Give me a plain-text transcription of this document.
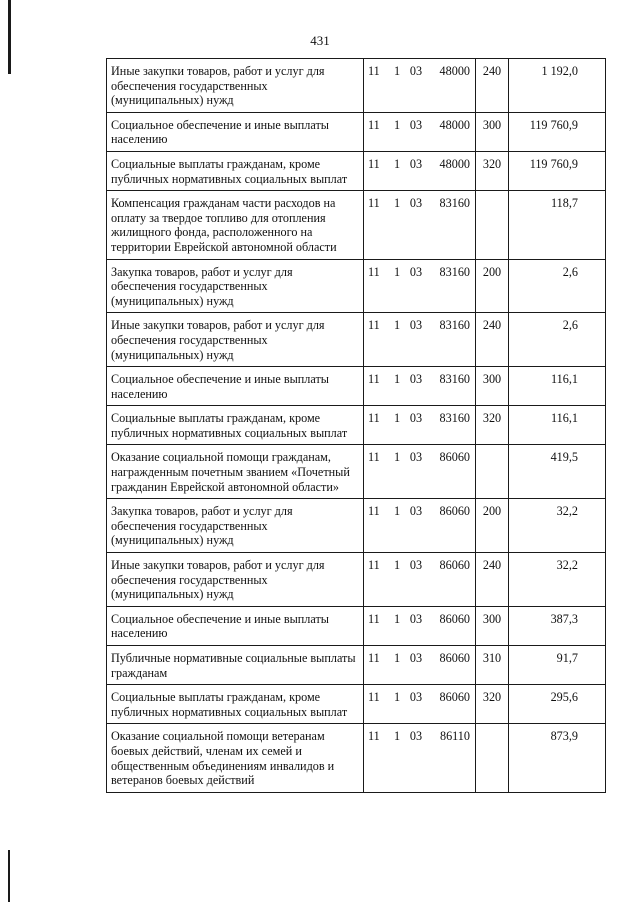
431
Иные закупки товаров, работ и услуг для обеспечения государственных (муниципальных) нужд	11 1 03 48000	240	1 192,0
Социальное обеспечение и иные выплаты населению	11 1 03 48000	300	119 760,9
Социальные выплаты гражданам, кроме публичных нормативных социальных выплат	11 1 03 48000	320	119 760,9
Компенсация гражданам части расходов на оплату за твердое топливо для отопления жилищного фонда, расположенного на территории Еврейской автономной области	11 1 03 83160		118,7
Закупка товаров, работ и услуг для обеспечения государственных (муниципальных) нужд	11 1 03 83160	200	2,6
Иные закупки товаров, работ и услуг для обеспечения государственных (муниципальных) нужд	11 1 03 83160	240	2,6
Социальное обеспечение и иные выплаты населению	11 1 03 83160	300	116,1
Социальные выплаты гражданам, кроме публичных нормативных социальных выплат	11 1 03 83160	320	116,1
Оказание социальной помощи гражданам, награжденным почетным званием «Почетный гражданин Еврейской автономной области»	11 1 03 86060		419,5
Закупка товаров, работ и услуг для обеспечения государственных (муниципальных) нужд	11 1 03 86060	200	32,2
Иные закупки товаров, работ и услуг для обеспечения государственных (муниципальных) нужд	11 1 03 86060	240	32,2
Социальное обеспечение и иные выплаты населению	11 1 03 86060	300	387,3
Публичные нормативные социальные выплаты гражданам	11 1 03 86060	310	91,7
Социальные выплаты гражданам, кроме публичных нормативных социальных выплат	11 1 03 86060	320	295,6
Оказание социальной помощи ветеранам боевых действий, членам их семей и общественным объединениям инвалидов и ветеранов боевых действий	11 1 03 86110		873,9
